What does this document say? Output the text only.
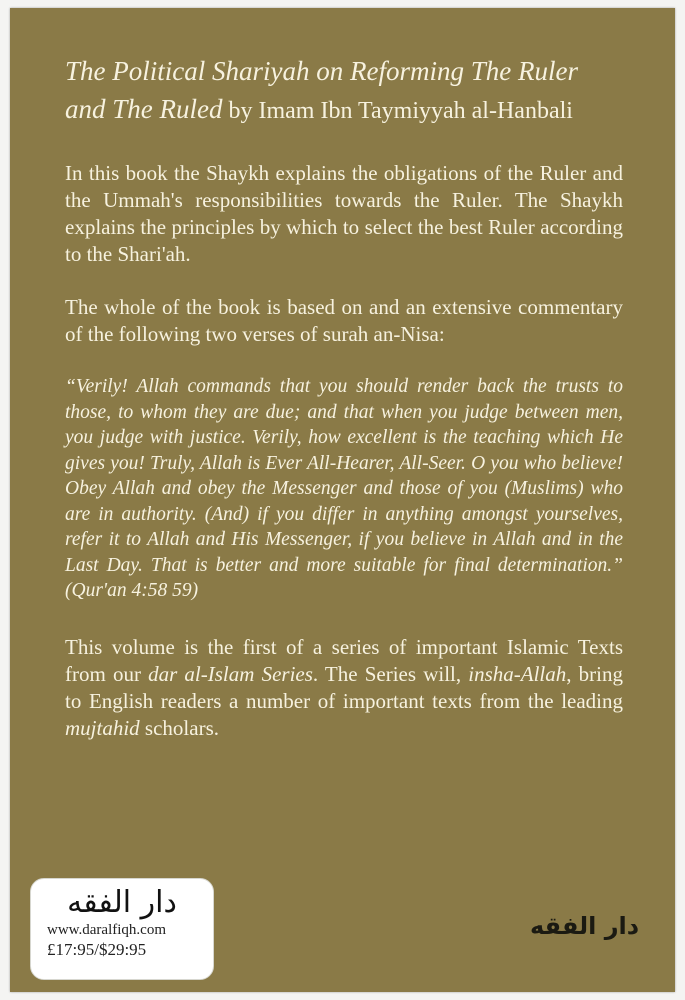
The Political Shariyah on Reforming The Ruler and The Ruled by Imam Ibn Taymiyyah al-Hanbali

In this book the Shaykh explains the obligations of the Ruler and the Ummah's responsibilities towards the Ruler. The Shaykh explains the principles by which to select the best Ruler according to the Shari'ah.

The whole of the book is based on and an extensive commentary of the following two verses of surah an-Nisa:

“Verily! Allah commands that you should render back the trusts to those, to whom they are due; and that when you judge between men, you judge with justice. Verily, how excellent is the teaching which He gives you! Truly, Allah is Ever All-Hearer, All-Seer. O you who believe! Obey Allah and obey the Messenger and those of you (Muslims) who are in authority. (And) if you differ in anything amongst yourselves, refer it to Allah and His Messenger, if you believe in Allah and in the Last Day. That is better and more suitable for final determination.” (Qur'an 4:58 59)

This volume is the first of a series of important Islamic Texts from our dar al-Islam Series. The Series will, insha-Allah, bring to English readers a number of important texts from the leading mujtahid scholars.

دار الفقه
دار الفقه
www.daralfiqh.com
£17:95/$29:95
